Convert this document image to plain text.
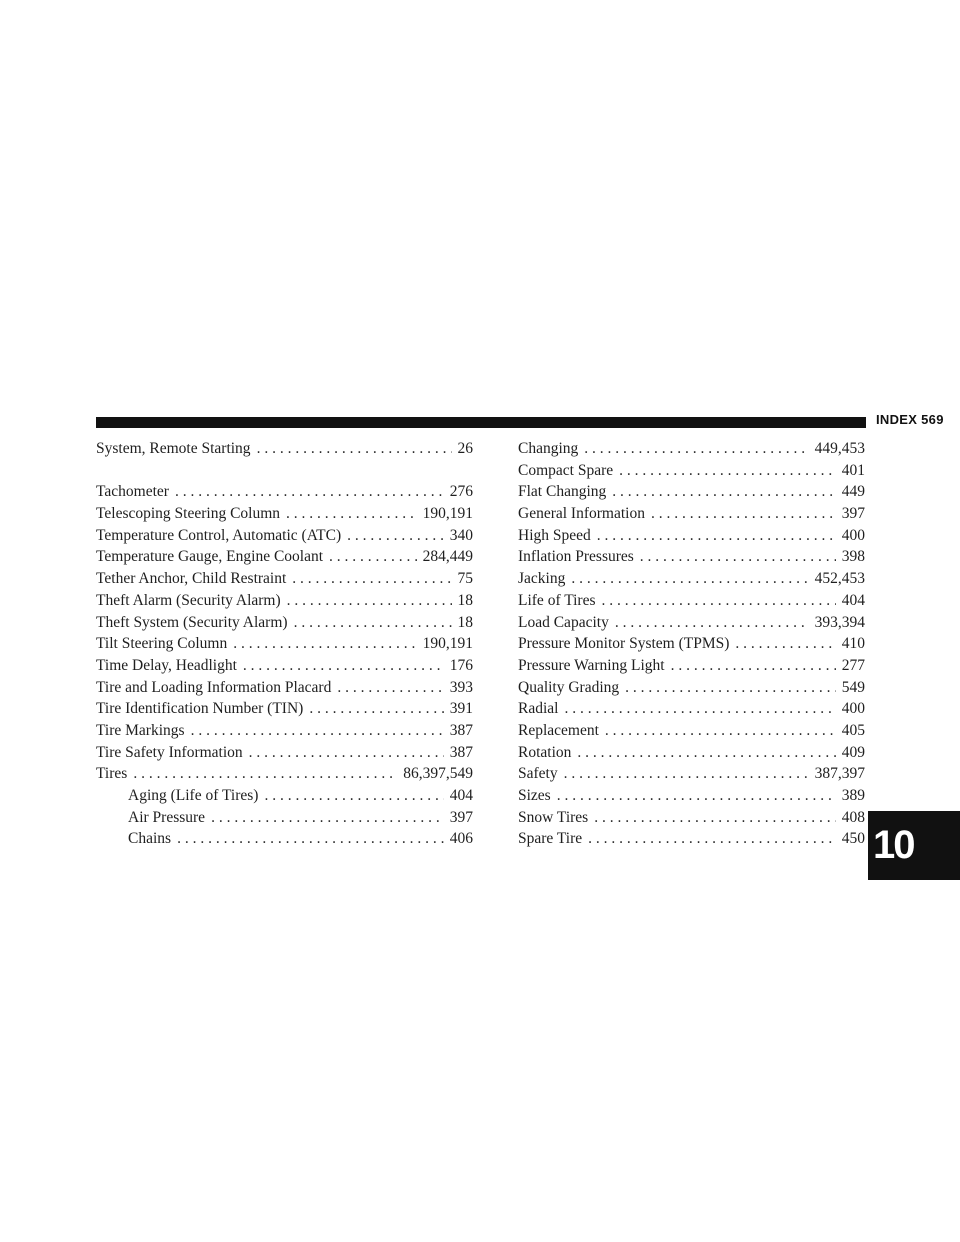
INDEX 569
System, Remote Starting . . .	26
Tachometer . . .	276
Telescoping Steering Column . . .	190,191
Temperature Control, Automatic (ATC) . . .	340
Temperature Gauge, Engine Coolant . . .	284,449
Tether Anchor, Child Restraint . . .	75
Theft Alarm (Security Alarm) . . .	18
Theft System (Security Alarm) . . .	18
Tilt Steering Column . . .	190,191
Time Delay, Headlight . . .	176
Tire and Loading Information Placard . . .	393
Tire Identification Number (TIN) . . .	391
Tire Markings . . .	387
Tire Safety Information . . .	387
Tires . . .	86,397,549
Aging (Life of Tires) . . .	404
Air Pressure . . .	397
Chains . . .	406
Changing . . .	449,453
Compact Spare . . .	401
Flat Changing . . .	449
General Information . . .	397
High Speed . . .	400
Inflation Pressures . . .	398
Jacking . . .	452,453
Life of Tires . . .	404
Load Capacity . . .	393,394
Pressure Monitor System (TPMS) . . .	410
Pressure Warning Light . . .	277
Quality Grading . . .	549
Radial . . .	400
Replacement . . .	405
Rotation . . .	409
Safety . . .	387,397
Sizes . . .	389
Snow Tires . . .	408
Spare Tire . . .	450 10
